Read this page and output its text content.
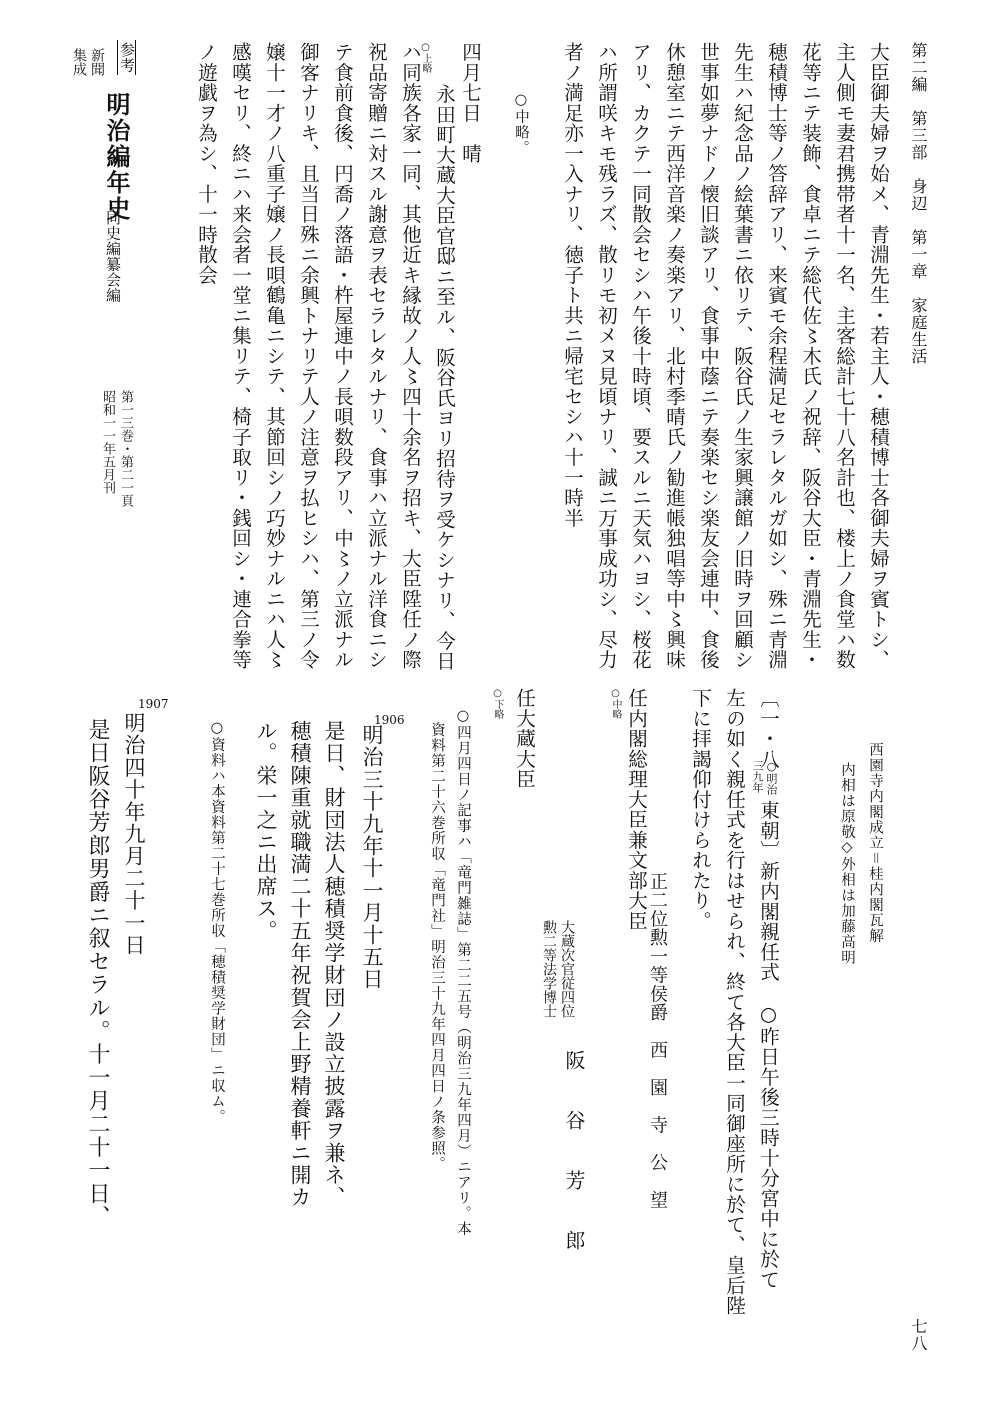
第二編　第三部　身辺　第一章　家庭生活
七八
大臣御夫婦ヲ始メ、青淵先生・若主人・穂積博士各御夫婦ヲ賓トシ、
主人側モ妻君携帯者十一名、主客総計七十八名計也、楼上ノ食堂ハ数
花等ニテ装飾、食卓ニテ総代佐〻木氏ノ祝辞、阪谷大臣・青淵先生・
穂積博士等ノ答辞アリ、来賓モ余程満足セラレタルガ如シ、殊ニ青淵
先生ハ紀念品ノ絵葉書ニ依リテ、阪谷氏ノ生家興譲館ノ旧時ヲ回顧シ
世事如夢ナドノ懐旧談アリ、食事中蔭ニテ奏楽セシ楽友会連中、食後
休憩室ニテ西洋音楽ノ奏楽アリ、北村季晴氏ノ勧進帳独唱等中〻興味
アリ、カクテ一同散会セシハ午後十時頃、要スルニ天気ハヨシ、桜花
ハ所謂咲キモ残ラズ、散リモ初メヌ見頃ナリ、誠ニ万事成功シ、尽力
者ノ満足亦一入ナリ、徳子ト共ニ帰宅セシハ十一時半
○中略。
四月七日　晴
○上略
永田町大蔵大臣官邸ニ至ル、阪谷氏ヨリ招待ヲ受ケシナリ、今日
ハ同族各家一同、其他近キ縁故ノ人〻四十余名ヲ招キ、大臣陞任ノ際
祝品寄贈ニ対スル謝意ヲ表セラレタルナリ、食事ハ立派ナル洋食ニシ
テ食前食後、円喬ノ落語・杵屋連中ノ長唄数段アリ、中〻ノ立派ナル
御客ナリキ、且当日殊ニ余興トナリテ人ノ注意ヲ払ヒシハ、第三ノ令
嬢十一才ノ八重子嬢ノ長唄鶴亀ニシテ、其節回シノ巧妙ナルニハ人〻
感嘆セリ、終ニハ来会者一堂ニ集リテ、椅子取リ・銭回シ・連合拳等
ノ遊戯ヲ為シ、十一時散会
参考
新聞
集成
明治編年史
同史編纂会編
第一三巻・第二一頁
昭和一一年五月刊
西園寺内閣成立＝桂内閣瓦解
内相は原敬◇外相は加藤高明
〔一・八
○明治
三九年
東朝〕新内閣親任式　○昨日午後三時十分宮中に於て
左の如く親任式を行はせられ、終て各大臣一同御座所に於て、皇后陛
下に拝謁仰付けられたり。
正二位勲一等侯爵　西　園　寺　公　望
○中略 任内閣総理大臣兼文部大臣
大蔵次官従四位
勲二等法学博士
阪　谷　芳　郎
任大蔵大臣
○下略
○四月四日ノ記事ハ「竜門雑誌」第二二五号（明治三九年四月）ニアリ。本
資料第二十六巻所収「竜門社」明治三十九年四月四日ノ条参照。
1906
明治三十九年十一月十五日
是日、財団法人穂積奨学財団ノ設立披露ヲ兼ネ、
穂積陳重就職満二十五年祝賀会上野精養軒ニ開カ
ル。栄一之ニ出席ス。
○資料ハ本資料第二十七巻所収「穂積奨学財団」ニ収ム。
1907
明治四十年九月二十一日
是日阪谷芳郎男爵ニ叙セラル。十一月二十一日、
